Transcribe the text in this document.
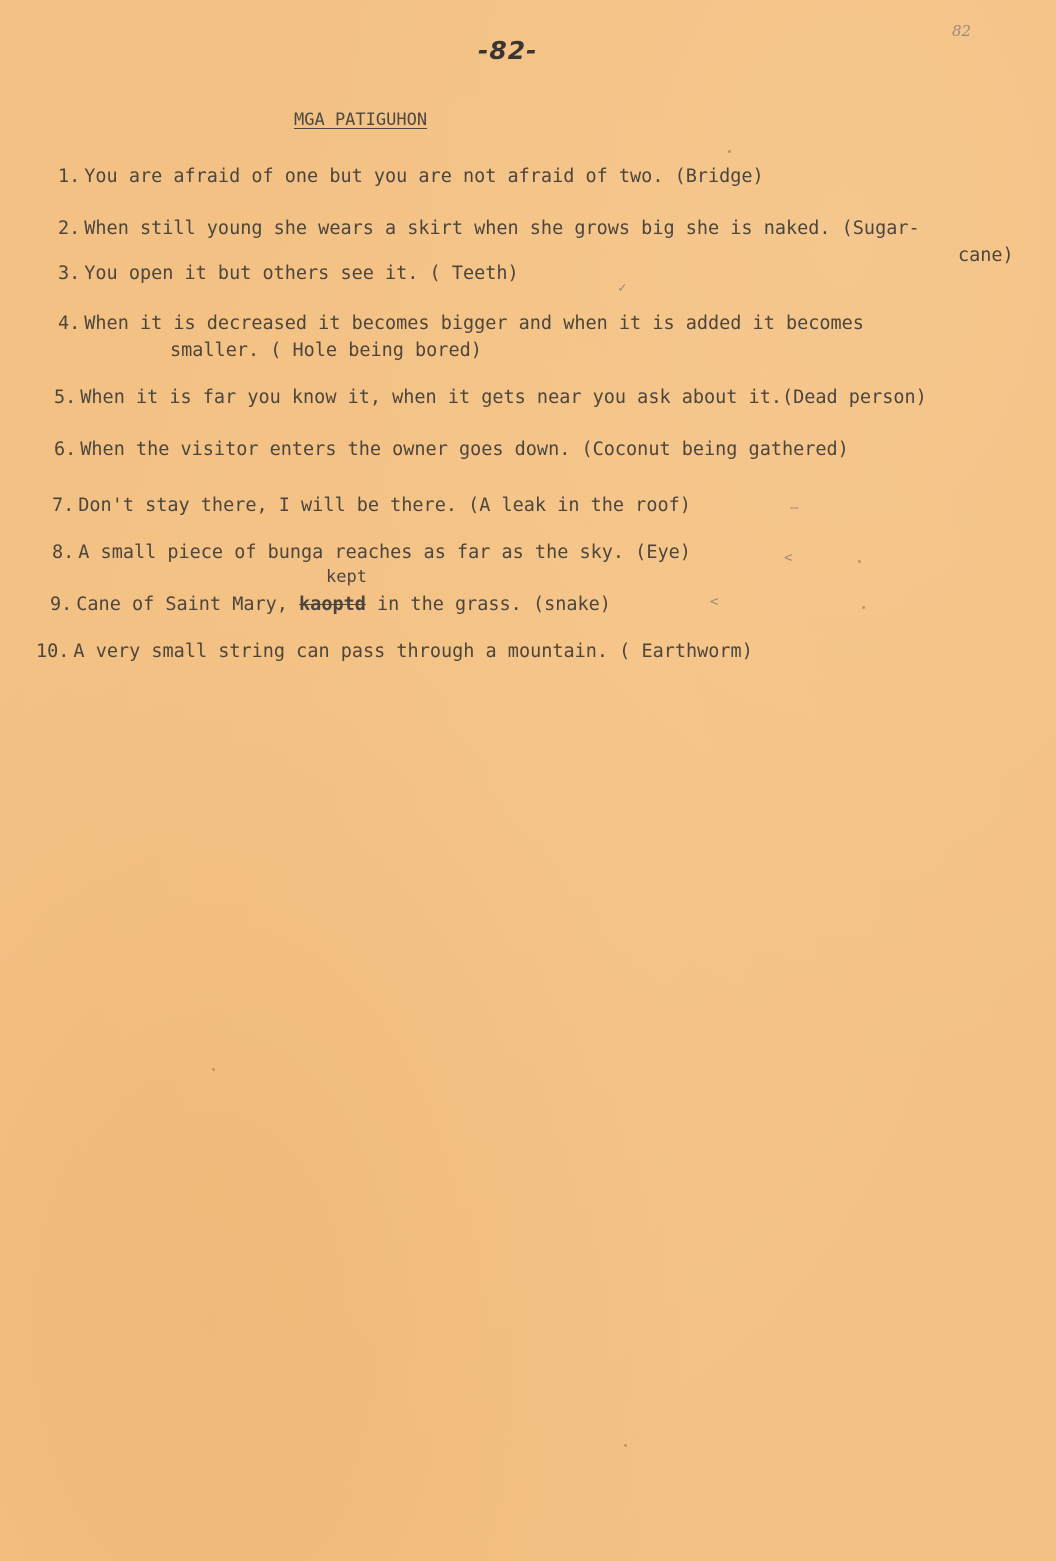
-82-
82
MGA PATIGUHON
1. You are afraid of one but you are not afraid of two. (Bridge)
2. When still young she wears a skirt when she grows big she is naked. (Sugar-
cane)
3. You open it but others see it. ( Teeth)
4. When it is decreased it becomes bigger and when it is added it becomes
smaller. ( Hole being bored)
5. When it is far you know it, when it gets near you ask about it.(Dead person)
6. When the visitor enters the owner goes down. (Coconut being gathered)
7. Don't stay there, I will be there. (A leak in the roof)
8. A small piece of bunga reaches as far as the sky. (Eye)
kept
9. Cane of Saint Mary, kaoptd in the grass. (snake)
10. A very small string can pass through a mountain. ( Earthworm)
✓
—
<
<
